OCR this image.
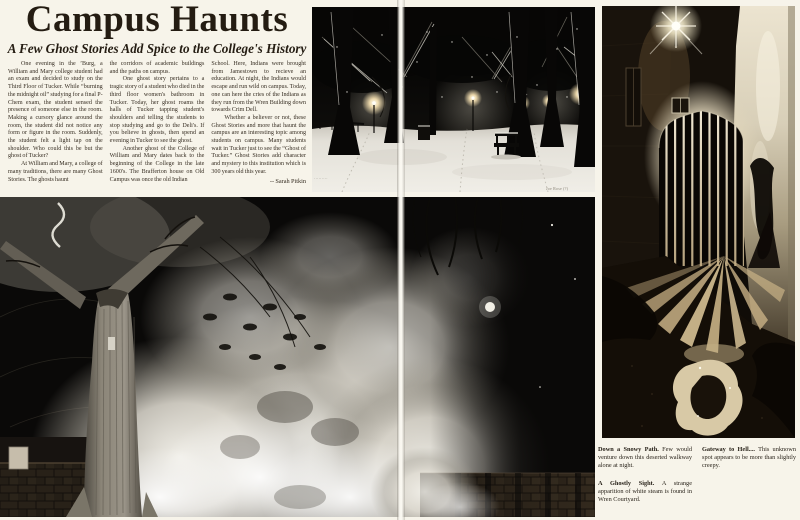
Campus Haunts
A Few Ghost Stories Add Spice to the College's History

One evening in the ’Burg, a William and Mary college student had an exam and decided to study on the Third Floor of Tucker. While “burning the midnight oil” studying for a final P-Chem exam, the student sensed the presence of someone else in the room. Making a cursory glance around the room, the student did not notice any form or figure in the room. Suddenly, the student felt a light tap on the shoulder. Who could this be but the ghost of Tucker?

At William and Mary, a college of many traditions, there are many Ghost Stories. The ghosts haunt

the corridors of academic buildings and the paths on campus.

One ghost story pertains to a tragic story of a student who died in the third floor women's bathroom in Tucker. Today, her ghost roams the halls of Tucker tapping student's shoulders and telling the students to stop studying and go to the Deli's. If you believe in ghosts, then spend an evening in Tucker to see the ghost.

Another ghost of the College of William and Mary dates back to the beginning of the College in the late 1600's. The Brafferton house on Old Campus was once the old Indian

School. Here, Indians were brought from Jamestown to recieve an education. At night, the Indians would escape and run wild on campus. Today, one can here the cries of the Indians as they run from the Wren Building down towards Crim Dell.

Whether a believer or not, these Ghost Stories and more that haunt the campus are an interesting topic among students on campus. Many students wait in Tucker just to see the “Ghost of Tucker.” Ghost Stories add character and mystery to this institution which is 300 years old this year.

-- Sarah Pitkin ·········
Joe Rose (?)

Down a Snowy Path. Few would venture down this deserted walkway alone at night.

A Ghostly Sight. A strange apparition of white steam is found in Wren Courtyard.

Gateway to Hell.... This unknown spot appears to be more than slightly creepy.
